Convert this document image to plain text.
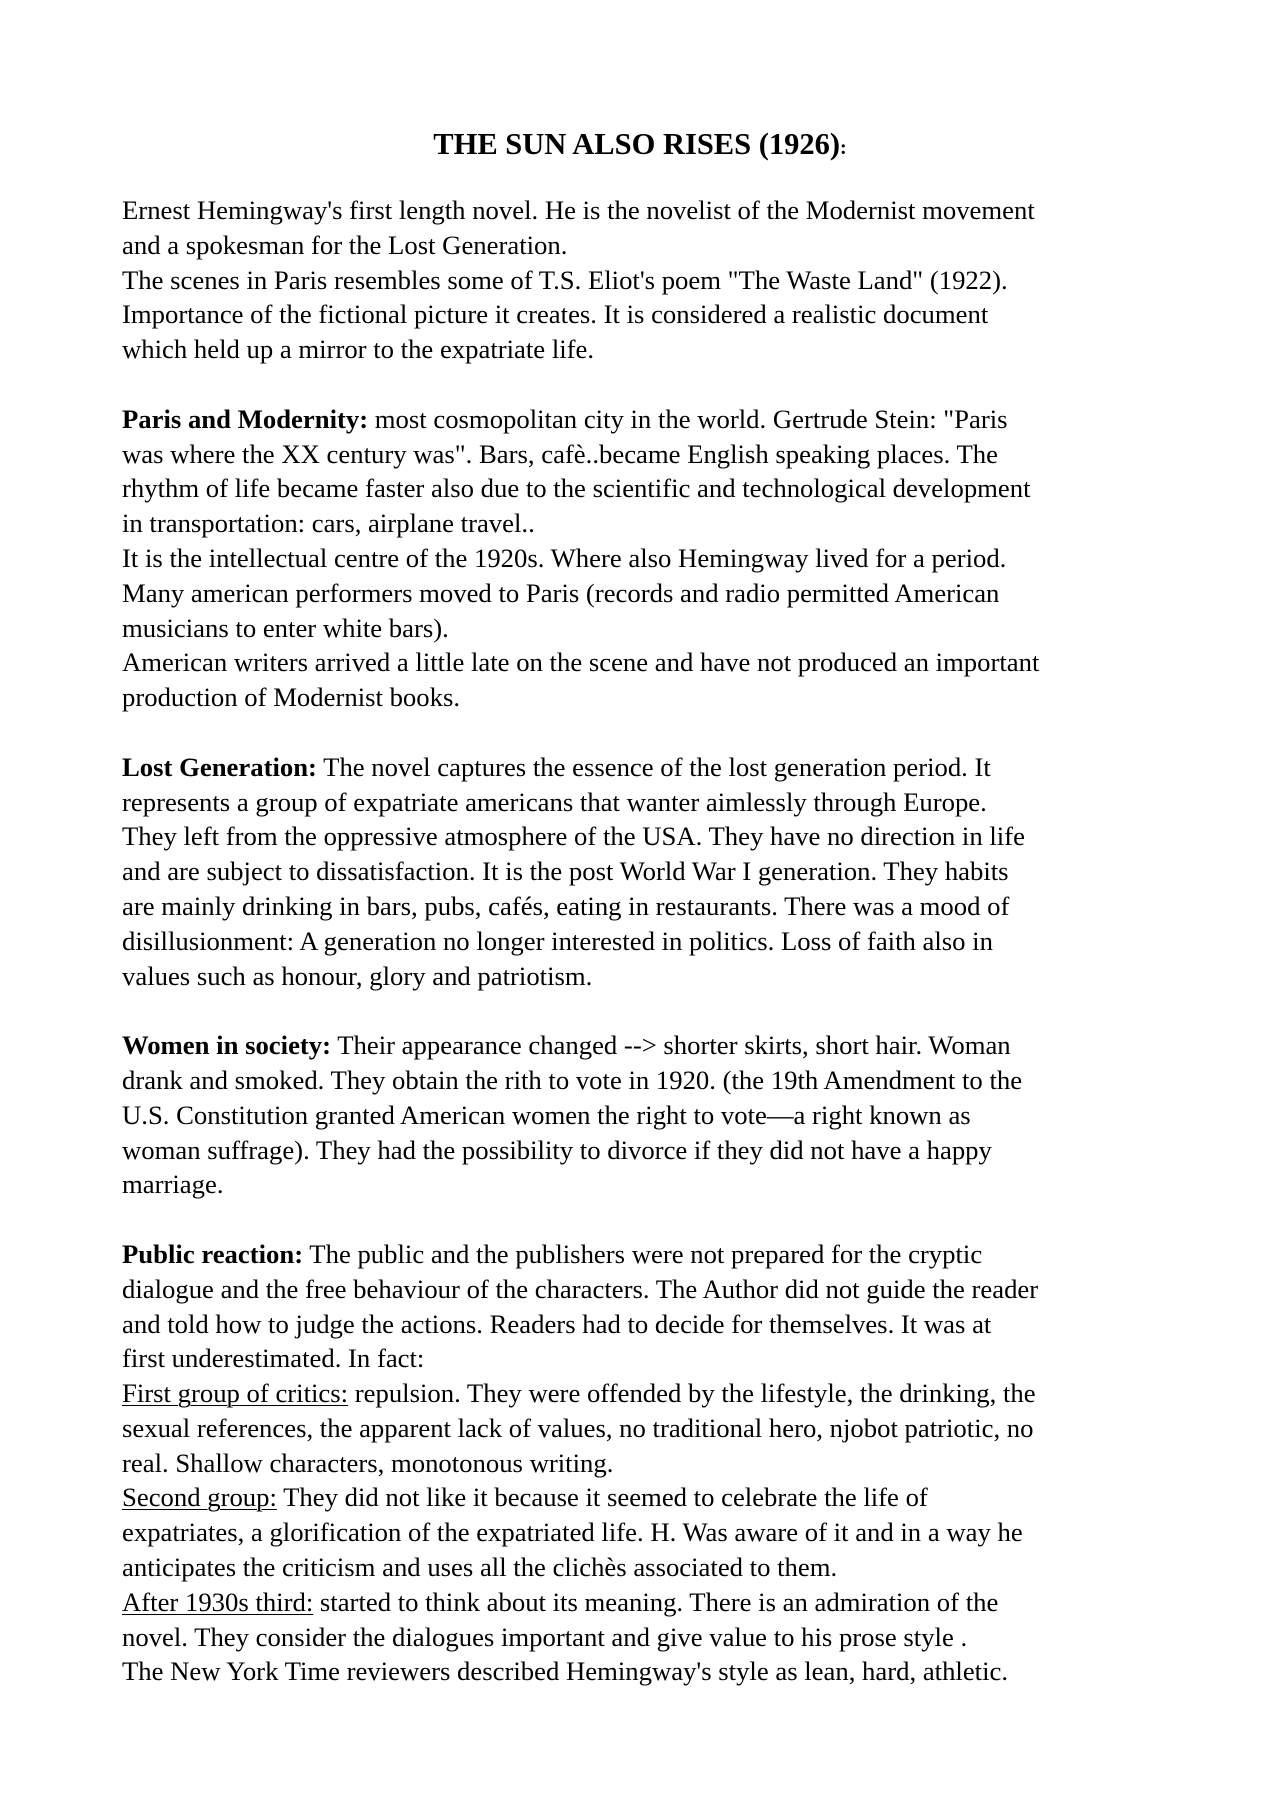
THE SUN ALSO RISES (1926):
Ernest Hemingway's first length novel. He is the novelist of the Modernist movement
and a spokesman for the Lost Generation.
The scenes in Paris resembles some of T.S. Eliot's poem "The Waste Land" (1922).
Importance of the fictional picture it creates. It is considered a realistic document
which held up a mirror to the expatriate life.
Paris and Modernity: most cosmopolitan city in the world. Gertrude Stein: "Paris
was where the XX century was". Bars, cafè..became English speaking places. The
rhythm of life became faster also due to the scientific and technological development
in transportation: cars, airplane travel..
It is the intellectual centre of the 1920s. Where also Hemingway lived for a period.
Many american performers moved to Paris (records and radio permitted American
musicians to enter white bars).
American writers arrived a little late on the scene and have not produced an important
production of Modernist books.
Lost Generation: The novel captures the essence of the lost generation period. It
represents a group of expatriate americans that wanter aimlessly through Europe.
They left from the oppressive atmosphere of the USA. They have no direction in life
and are subject to dissatisfaction. It is the post World War I generation. They habits
are mainly drinking in bars, pubs, cafés, eating in restaurants. There was a mood of
disillusionment: A generation no longer interested in politics. Loss of faith also in
values such as honour, glory and patriotism.
Women in society: Their appearance changed --> shorter skirts, short hair. Woman
drank and smoked. They obtain the rith to vote in 1920. (the 19th Amendment to the
U.S. Constitution granted American women the right to vote—a right known as
woman suffrage). They had the possibility to divorce if they did not have a happy
marriage.
Public reaction: The public and the publishers were not prepared for the cryptic
dialogue and the free behaviour of the characters. The Author did not guide the reader
and told how to judge the actions. Readers had to decide for themselves. It was at
first underestimated. In fact:
First group of critics: repulsion. They were offended by the lifestyle, the drinking, the
sexual references, the apparent lack of values, no traditional hero, njobot patriotic, no
real. Shallow characters, monotonous writing.
Second group: They did not like it because it seemed to celebrate the life of
expatriates, a glorification of the expatriated life. H. Was aware of it and in a way he
anticipates the criticism and uses all the clichès associated to them.
After 1930s third: started to think about its meaning. There is an admiration of the
novel. They consider the dialogues important and give value to his prose style .
The New York Time reviewers described Hemingway's style as lean, hard, athletic.
